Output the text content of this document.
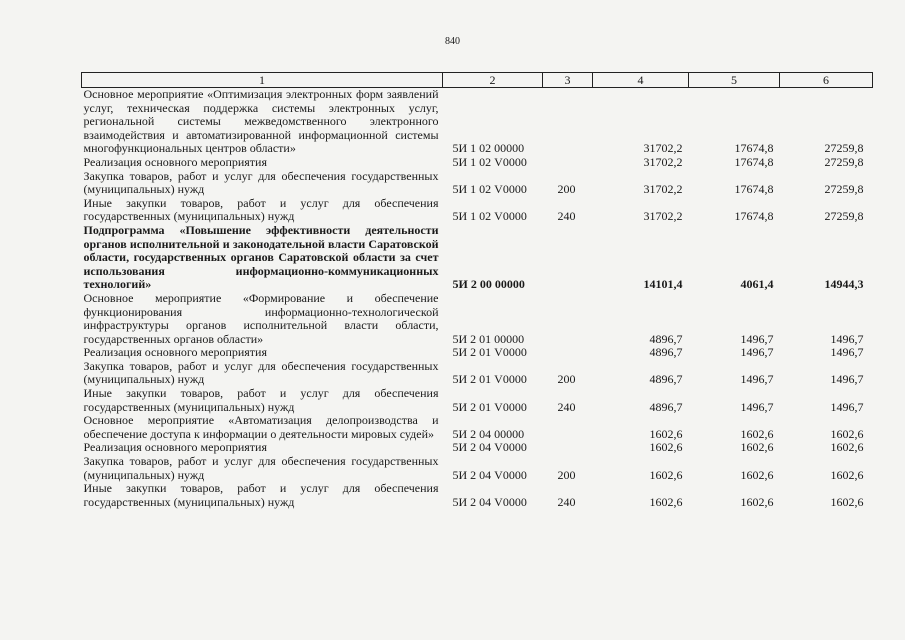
840
1	2	3	4	5	6
Основное мероприятие «Оптимизация электронных форм заявлений услуг, техническая поддержка системы электронных услуг, региональной системы межведомственного электронного взаимодействия и автоматизированной информационной системы многофункциональных центров области»	5И 1 02 00000		31702,2	17674,8	27259,8
Реализация основного мероприятия	5И 1 02 V0000		31702,2	17674,8	27259,8
Закупка товаров, работ и услуг для обеспечения государственных (муниципальных) нужд	5И 1 02 V0000	200	31702,2	17674,8	27259,8
Иные закупки товаров, работ и услуг для обеспечения государственных (муниципальных) нужд	5И 1 02 V0000	240	31702,2	17674,8	27259,8
Подпрограмма «Повышение эффективности деятельности органов исполнительной и законодательной власти Саратовской области, государственных органов Саратовской области за счет использования информационно-коммуникационных технологий»	5И 2 00 00000		14101,4	4061,4	14944,3
Основное мероприятие «Формирование и обеспечение функционирования информационно-технологической инфраструктуры органов исполнительной власти области, государственных органов области»	5И 2 01 00000		4896,7	1496,7	1496,7
Реализация основного мероприятия	5И 2 01 V0000		4896,7	1496,7	1496,7
Закупка товаров, работ и услуг для обеспечения государственных (муниципальных) нужд	5И 2 01 V0000	200	4896,7	1496,7	1496,7
Иные закупки товаров, работ и услуг для обеспечения государственных (муниципальных) нужд	5И 2 01 V0000	240	4896,7	1496,7	1496,7
Основное мероприятие «Автоматизация делопроизводства и обеспечение доступа к информации о деятельности мировых судей»	5И 2 04 00000		1602,6	1602,6	1602,6
Реализация основного мероприятия	5И 2 04 V0000		1602,6	1602,6	1602,6
Закупка товаров, работ и услуг для обеспечения государственных (муниципальных) нужд	5И 2 04 V0000	200	1602,6	1602,6	1602,6
Иные закупки товаров, работ и услуг для обеспечения государственных (муниципальных) нужд	5И 2 04 V0000	240	1602,6	1602,6	1602,6
